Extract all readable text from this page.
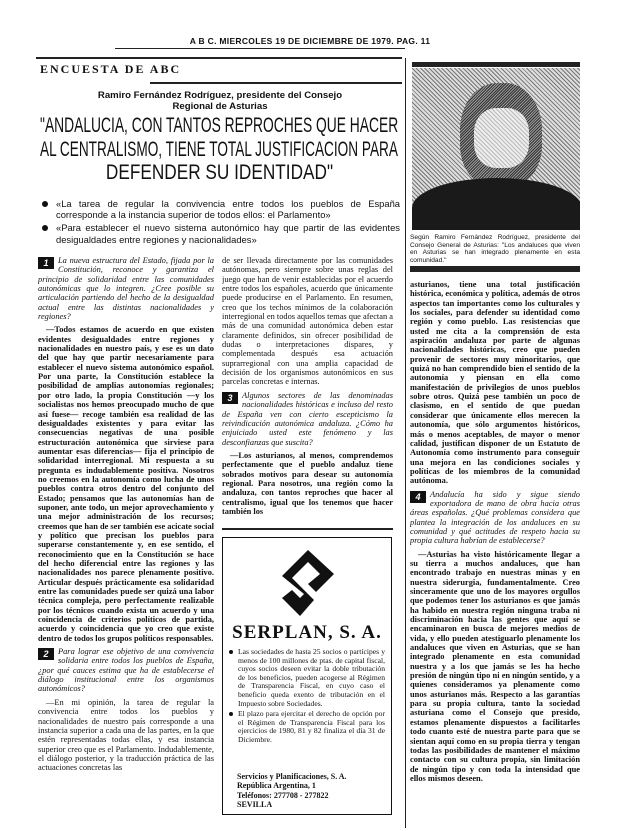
A B C. MIERCOLES 19 DE DICIEMBRE DE 1979. PAG. 11
ENCUESTA DE ABC
Ramiro Fernández Rodríguez, presidente del Consejo
Regional de Asturias
"ANDALUCIA, CON TANTOS REPROCHES QUE HACER
AL CENTRALISMO, TIENE TOTAL JUSTIFICACION PARA
DEFENDER SU IDENTIDAD"
«La tarea de regular la convivencia entre todos los pueblos de España corresponde a la instancia superior de todos ellos: el Parlamento»
«Para establecer el nuevo sistema autonómico hay que partir de las evidentes desigualdades entre regiones y nacionalidades»	Según Ramiro Fernández Rodríguez, presidente del Consejo General de Asturias: "Los andaluces que viven en Asturias se han integrado plenamente en esta comunidad."

1	La nueva estructura del Estado, fijada por la Constitución, reconoce y garantiza el principio de solidaridad entre las comunidades autonómicas que lo integren. ¿Cree posible su articulación partiendo del hecho de la desigualdad actual entre las distintas nacionalidades y regiones?

—Todos estamos de acuerdo en que existen evidentes desigualdades entre regiones y nacionalidades en nuestro país, y ese es un dato del que hay que partir necesariamente para establecer el nuevo sistema autonómico español. Por una parte, la Constitución establece la posibilidad de amplias autonomías regionales; por otro lado, la propia Constitución —y los socialistas nos hemos preocupado mucho de que así fuese— recoge también esa realidad de las desigualdades existentes y para evitar las consecuencias negativas de una posible estructuración autonómica que sirviese para aumentar esas diferencias— fija el principio de solidaridad interregional. Mi respuesta a su pregunta es indudablemente positiva. Nosotros no creemos en la autonomía como lucha de unos pueblos contra otros dentro del conjunto del Estado; pensamos que las autonomías han de suponer, ante todo, un mejor aprovechamiento y una mejor administración de los recursos; creemos que han de ser también ese acicate social y político que precisan los pueblos para superarse constantemente y, en ese sentido, el reconocimiento que en la Constitución se hace del hecho diferencial entre las regiones y las nacionalidades nos parece plenamente positivo. Articular después prácticamente esa solidaridad entre las comunidades puede ser quizá una labor técnica compleja, pero perfectamente realizable por los técnicos cuando exista un acuerdo y una coincidencia de criterios políticos de partida, acuerdo y coincidencia que yo creo que existe dentro de todos los grupos políticos responsables.

2	Para lograr ese objetivo de una convivencia solidaria entre todos los pueblos de España, ¿por qué cauces estima que ha de establecerse el diálogo institucional entre los organismos autonómicos?

—En mi opinión, la tarea de regular la convivencia entre todos los pueblos y nacionalidades de nuestro país corresponde a una instancia superior a cada una de las partes, en la que estén representadas todas ellas, y esa instancia superior creo que es el Parlamento. Indudablemente, el diálogo posterior, y la traducción práctica de las actuaciones concretas las

de ser llevada directamente por las comunidades autónomas, pero siempre sobre unas reglas del juego que han de venir establecidas por el acuerdo entre todos los españoles, acuerdo que únicamente puede producirse en el Parlamento. En resumen, creo que los techos mínimos de la colaboración interregional en todos aquellos temas que afectan a más de una comunidad autonómica deben estar claramente definidos, sin ofrecer posibilidad de dudas o interpretaciones dispares, y complementada después esa actuación suprarregional con una amplia capacidad de decisión de los organismos autonómicos en sus parcelas concretas e internas.

3	Algunos sectores de las denominadas nacionalidades históricas e incluso del resto de España ven con cierto escepticismo la reivindicación autonómica andaluza. ¿Cómo ha enjuiciado usted este fenómeno y las desconfianzas que suscita?

—Los asturianos, al menos, comprendemos perfectamente que el pueblo andaluz tiene sobrados motivos para desear su autonomía regional. Para nosotros, una región como la andaluza, con tantos reproches que hacer al centralismo, igual que los tenemos que hacer también los

SERPLAN, S. A.
Las sociedades de hasta 25 socios o partícipes y menos de 100 millones de ptas. de capital fiscal, cuyos socios deseen evitar la doble tributación de los beneficios, pueden acogerse al Régimen de Transparencia Fiscal, en cuyo caso el beneficio queda exento de tributación en el Impuesto sobre Sociedades.
El plazo para ejercitar el derecho de opción por el Régimen de Transparencia Fiscal para los ejercicios de 1980, 81 y 82 finaliza el día 31 de Diciembre.
Servicios y Planificaciones, S. A.
República Argentina, 1
Teléfonos: 277708 - 277822
SEVILLA

asturianos, tiene una total justificación histórica, económica y política, además de otros aspectos tan importantes como los culturales y los sociales, para defender su identidad como región y como pueblo. Las resistencias que usted me cita a la comprensión de esta aspiración andaluza por parte de algunas nacionalidades históricas, creo que pueden provenir de sectores muy minoritarios, que quizá no han comprendido bien el sentido de la autonomía y piensan en ella como manifestación de privilegios de unos pueblos sobre otros. Quizá pese también un poco de clasismo, en el sentido de que puedan considerar que únicamente ellos merecen la autonomía, que sólo argumentos históricos, más o menos aceptables, de mayor o menor calidad, justifican disponer de un Estatuto de Autonomía como instrumento para conseguir una mejora en las condiciones sociales y políticas de los miembros de la comunidad autónoma.

4	Andalucía ha sido y sigue siendo exportadora de mano de obra hacia otras áreas españolas. ¿Qué problemas considera que plantea la integración de los andaluces en su comunidad y qué actitudes de respeto hacia su propia cultura habrían de establecerse?

—Asturias ha visto históricamente llegar a su tierra a muchos andaluces, que han encontrado trabajo en nuestras minas y en nuestra siderurgia, fundamentalmente. Creo sinceramente que uno de los mayores orgullos que podemos tener los asturianos es que jamás ha habido en nuestra región ninguna traba ni discriminación hacia las gentes que aquí se encaminaron en busca de mejores medios de vida, y ello pueden atestiguarlo plenamente los andaluces que viven en Asturias, que se han integrado plenamente en esta comunidad nuestra y a los que jamás se les ha hecho presión de ningún tipo ni en ningún sentido, y a quienes consideramos ya plenamente como unos asturianos más. Respecto a las garantías para su propia cultura, tanto la sociedad asturiana como el Consejo que presido, estamos plenamente dispuestos a facilitarles todo cuanto esté de nuestra parte para que se sientan aquí como en su propia tierra y tengan todas las posibilidades de mantener el máximo contacto con su cultura propia, sin limitación de ningún tipo y con toda la intensidad que ellos mismos deseen.
